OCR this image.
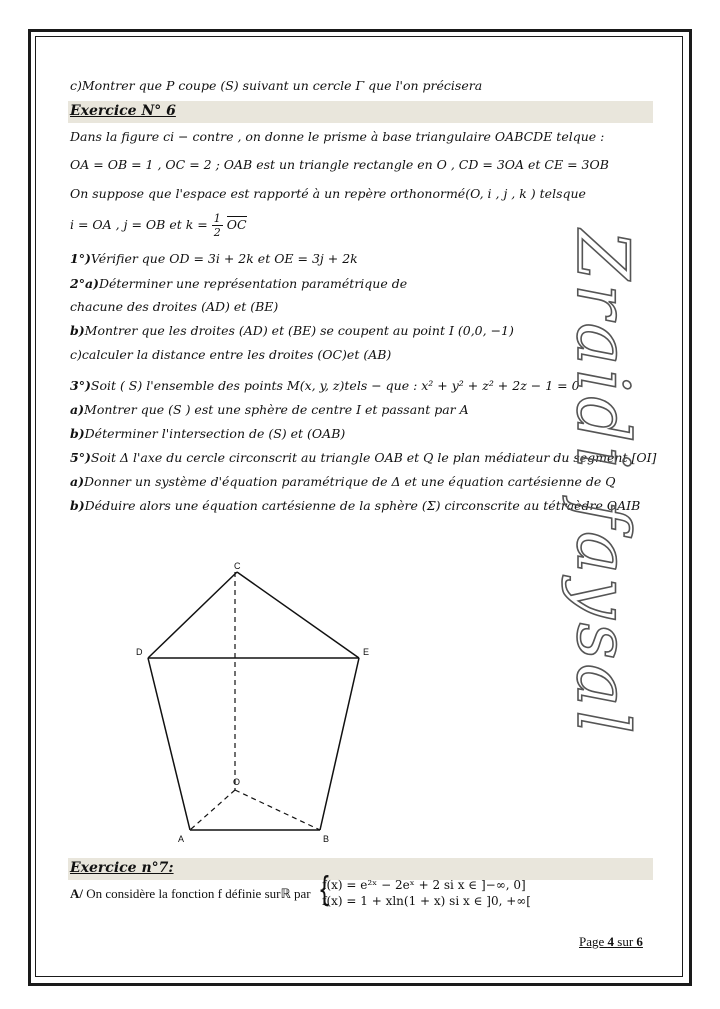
c)Montrer que P coupe (S) suivant un cercle Γ que l'on précisera
Exercice N° 6
Dans la figure ci − contre , on donne le prisme à base triangulaire OABCDE telque :
OA = OB = 1 , OC = 2 ; OAB est un triangle rectangle en O , CD = 3OA et CE = 3OB
On suppose que l'espace est rapporté à un repère orthonormé(O, i , j , k ) telsque
i = OA , j = OB et $k = \frac{1}{2}$ OC
1°)Vérifier que OD = 3i + 2k et OE = 3j + 2k
2°a)Déterminer une représentation paramétrique de
chacune des droites (AD) et (BE)
b)Montrer que les droites (AD) et (BE) se coupent au point I (0,0, −1)
c)calculer la distance entre les droites (OC)et (AB)
3°)Soit ( S) l'ensemble des points M(x, y, z)tels − que : x² + y² + z² + 2z − 1 = 0
a)Montrer que (S ) est une sphère de centre I et passant par A
b)Déterminer l'intersection de (S) et (OAB)
5°)Soit Δ l'axe du cercle circonscrit au triangle OAB et Q le plan médiateur du segment [OI]
a)Donner un système d'équation paramétrique de Δ et une équation cartésienne de Q
b)Déduire alors une équation cartésienne de la sphère (Σ) circonscrite au tétraèdre OAIB
C
D	E
O
A	B
Zraidi faysal
Exercice n°7:
A/ On considère la fonction f définie surℝ par {
f(x) = e²ˣ − 2eˣ + 2 si x ∈ ]−∞, 0]
f(x) = 1 + xln(1 + x) si x ∈ ]0, +∞[
Page 4 sur 6
